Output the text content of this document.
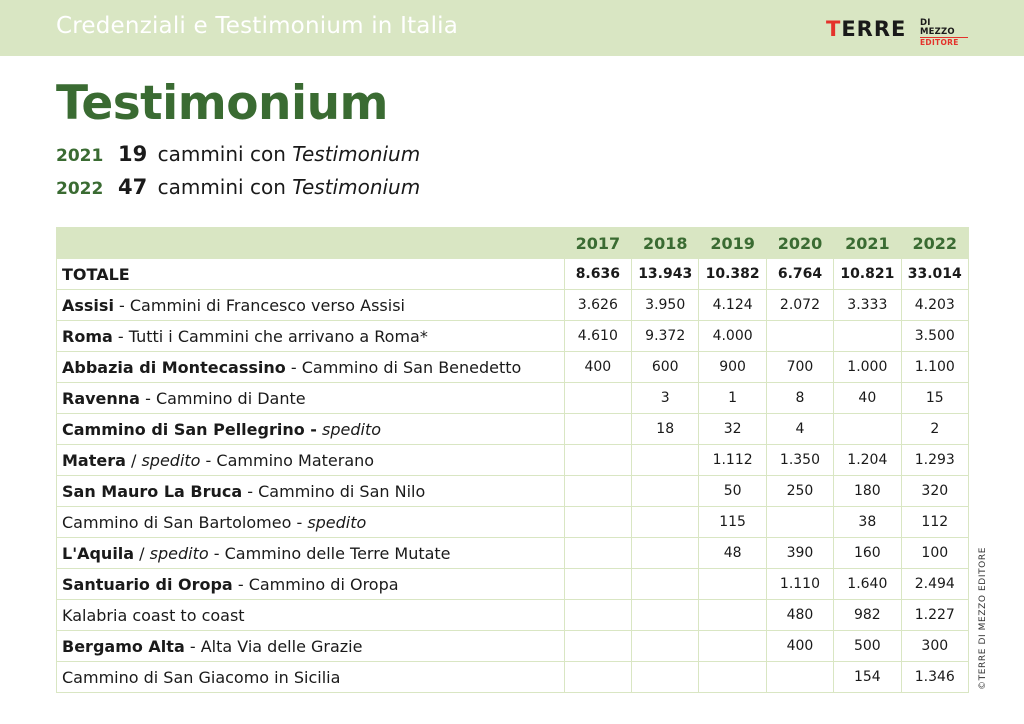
Credenziali e Testimonium in Italia	TERRE DI MEZZO
EDITORE
Testimonium
2021 19 cammini con Testimonium
2022 47 cammini con Testimonium
	2017	2018	2019	2020	2021	2022
TOTALE	8.636	13.943	10.382	6.764	10.821	33.014
Assisi - Cammini di Francesco verso Assisi	3.626	3.950	4.124	2.072	3.333	4.203
Roma - Tutti i Cammini che arrivano a Roma*	4.610	9.372	4.000			3.500
Abbazia di Montecassino - Cammino di San Benedetto	400	600	900	700	1.000	1.100
Ravenna - Cammino di Dante		3	1	8	40	15
Cammino di San Pellegrino - spedito		18	32	4		2
Matera / spedito - Cammino Materano			1.112	1.350	1.204	1.293
San Mauro La Bruca - Cammino di San Nilo			50	250	180	320
Cammino di San Bartolomeo - spedito			115		38	112
L'Aquila / spedito - Cammino delle Terre Mutate			48	390	160	100
Santuario di Oropa - Cammino di Oropa				1.110	1.640	2.494
Kalabria coast to coast				480	982	1.227
Bergamo Alta - Alta Via delle Grazie				400	500	300
Cammino di San Giacomo in Sicilia					154	1.346	©TERRE DI MEZZO EDITORE
